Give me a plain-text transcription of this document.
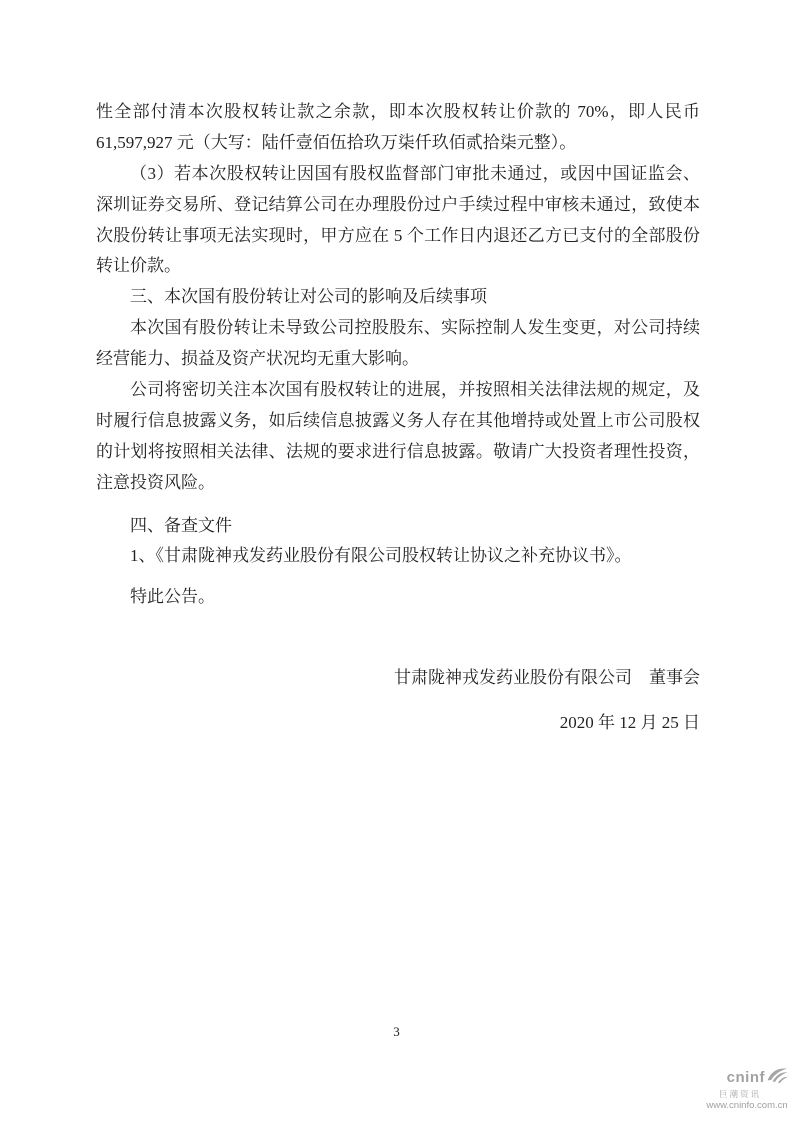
性全部付清本次股权转让款之余款，即本次股权转让价款的 70%，即人民币

61,597,927 元（大写：陆仟壹佰伍拾玖万柒仟玖佰贰拾柒元整）。

（3）若本次股权转让因国有股权监督部门审批未通过，或因中国证监会、

深圳证券交易所、登记结算公司在办理股份过户手续过程中审核未通过，致使本

次股份转让事项无法实现时，甲方应在 5 个工作日内退还乙方已支付的全部股份

转让价款。

三、本次国有股份转让对公司的影响及后续事项

本次国有股份转让未导致公司控股股东、实际控制人发生变更，对公司持续

经营能力、损益及资产状况均无重大影响。

公司将密切关注本次国有股权转让的进展，并按照相关法律法规的规定，及

时履行信息披露义务，如后续信息披露义务人存在其他增持或处置上市公司股权

的计划将按照相关法律、法规的要求进行信息披露。敬请广大投资者理性投资，

注意投资风险。

四、备查文件

1、《甘肃陇神戎发药业股份有限公司股权转让协议之补充协议书》。

特此公告。

甘肃陇神戎发药业股份有限公司　董事会

2020 年 12 月 25 日

3
cninf
巨潮资讯
www.cninfo.com.cn
